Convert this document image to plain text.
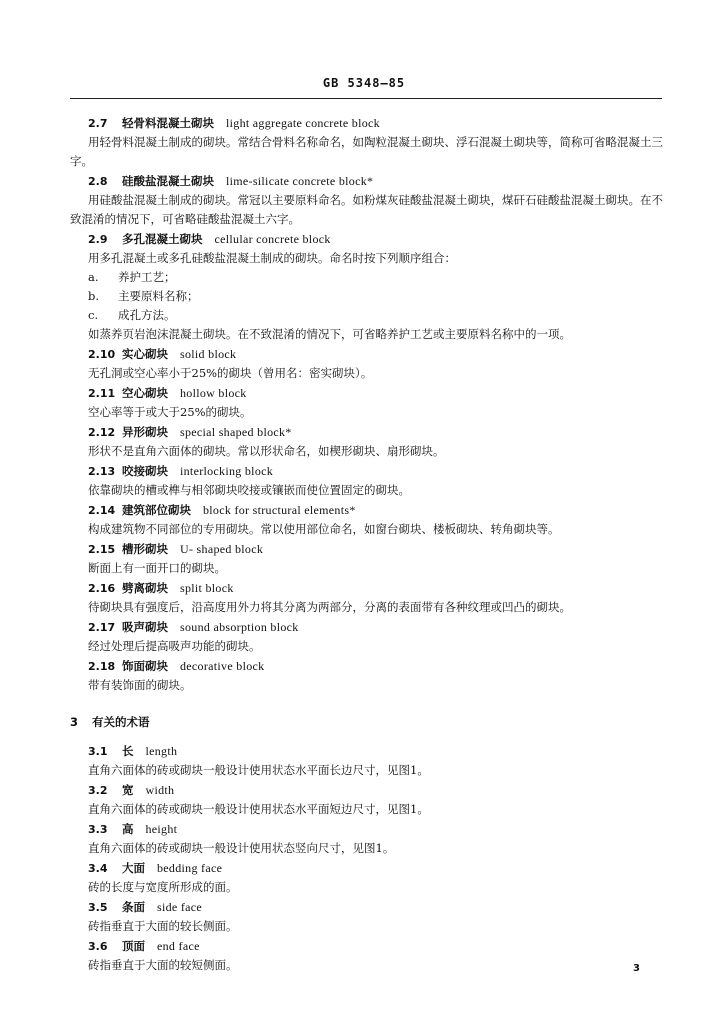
GB 5348—85
2.7	轻骨料混凝土砌块 light aggregate concrete block
用轻骨料混凝土制成的砌块。常结合骨料名称命名，如陶粒混凝土砌块、浮石混凝土砌块等，简称可省略混凝土三字。
2.8	硅酸盐混凝土砌块 lime-silicate concrete block*
用硅酸盐混凝土制成的砌块。常冠以主要原料命名。如粉煤灰硅酸盐混凝土砌块，煤矸石硅酸盐混凝土砌块。在不致混淆的情况下，可省略硅酸盐混凝土六字。
2.9	多孔混凝土砌块 cellular concrete block
用多孔混凝土或多孔硅酸盐混凝土制成的砌块。命名时按下列顺序组合：
a.	养护工艺；
b.	主要原料名称；
c.	成孔方法。
如蒸养页岩泡沫混凝土砌块。在不致混淆的情况下，可省略养护工艺或主要原料名称中的一项。
2.10 实心砌块 solid block
无孔洞或空心率小于25%的砌块（曾用名：密实砌块）。
2.11 空心砌块 hollow block
空心率等于或大于25%的砌块。
2.12 异形砌块 special shaped block*
形状不是直角六面体的砌块。常以形状命名，如楔形砌块、扇形砌块。
2.13 咬接砌块 interlocking block
依靠砌块的槽或榫与相邻砌块咬接或镶嵌而使位置固定的砌块。
2.14 建筑部位砌块 block for structural elements*
构成建筑物不同部位的专用砌块。常以使用部位命名，如窗台砌块、楼板砌块、转角砌块等。
2.15 槽形砌块 U- shaped block
断面上有一面开口的砌块。
2.16 劈离砌块 split block
待砌块具有强度后，沿高度用外力将其分离为两部分，分离的表面带有各种纹理或凹凸的砌块。
2.17 吸声砌块 sound absorption block
经过处理后提高吸声功能的砌块。
2.18 饰面砌块 decorative block
带有装饰面的砌块。
3	有关的术语
3.1	长 length
直角六面体的砖或砌块一般设计使用状态水平面长边尺寸，见图1。
3.2	宽 width
直角六面体的砖或砌块一般设计使用状态水平面短边尺寸，见图1。
3.3	高 height
直角六面体的砖或砌块一般设计使用状态竖向尺寸，见图1。
3.4	大面 bedding face
砖的长度与宽度所形成的面。
3.5	条面 side face
砖指垂直于大面的较长侧面。
3.6	顶面 end face
砖指垂直于大面的较短侧面。	3
